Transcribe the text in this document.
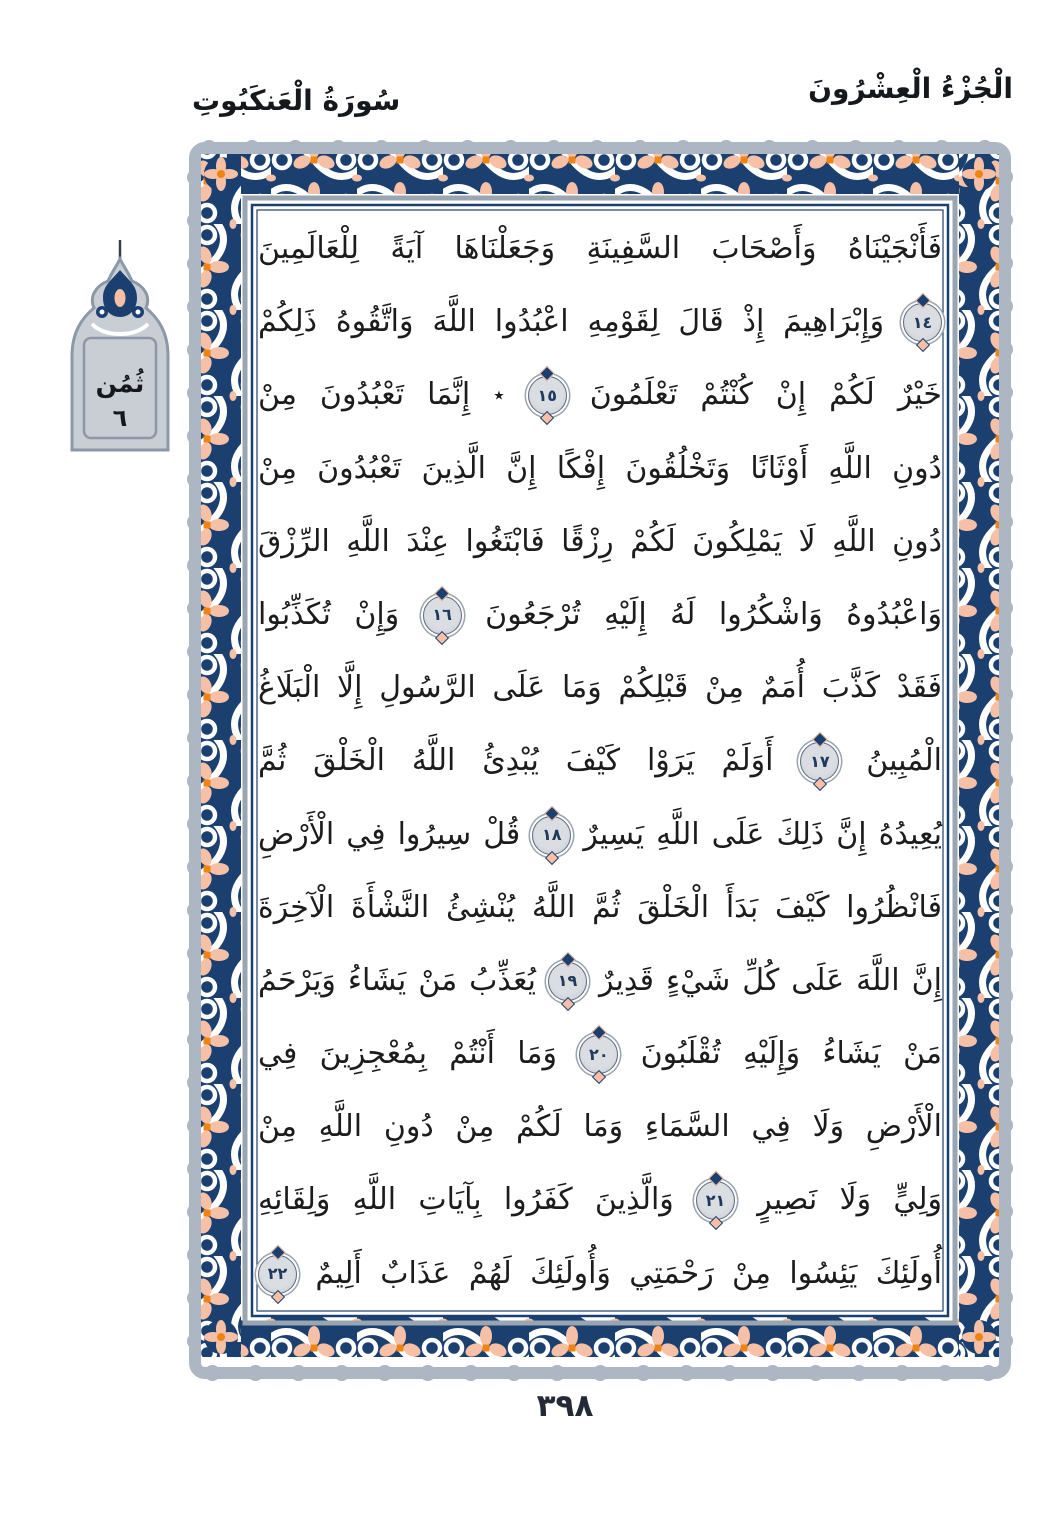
الْجُزْءُ الْعِشْرُونَ
سُورَةُ الْعَنكَبُوتِ
ثُمُن
٦
فَأَنْجَيْنَاهُ وَأَصْحَابَ السَّفِينَةِ وَجَعَلْنَاهَا آيَةً لِلْعَالَمِينَ
١٤ وَإِبْرَاهِيمَ إِذْ قَالَ لِقَوْمِهِ اعْبُدُوا اللَّهَ وَاتَّقُوهُ ذَلِكُمْ
خَيْرٌ لَكُمْ إِنْ كُنْتُمْ تَعْلَمُونَ ١٥ ٭ إِنَّمَا تَعْبُدُونَ مِنْ
دُونِ اللَّهِ أَوْثَانًا وَتَخْلُقُونَ إِفْكًا إِنَّ الَّذِينَ تَعْبُدُونَ مِنْ
دُونِ اللَّهِ لَا يَمْلِكُونَ لَكُمْ رِزْقًا فَابْتَغُوا عِنْدَ اللَّهِ الرِّزْقَ
وَاعْبُدُوهُ وَاشْكُرُوا لَهُ إِلَيْهِ تُرْجَعُونَ ١٦ وَإِنْ تُكَذِّبُوا
فَقَدْ كَذَّبَ أُمَمٌ مِنْ قَبْلِكُمْ وَمَا عَلَى الرَّسُولِ إِلَّا الْبَلَاغُ
الْمُبِينُ ١٧ أَوَلَمْ يَرَوْا كَيْفَ يُبْدِئُ اللَّهُ الْخَلْقَ ثُمَّ
يُعِيدُهُ إِنَّ ذَلِكَ عَلَى اللَّهِ يَسِيرٌ ١٨ قُلْ سِيرُوا فِي الْأَرْضِ
فَانْظُرُوا كَيْفَ بَدَأَ الْخَلْقَ ثُمَّ اللَّهُ يُنْشِئُ النَّشْأَةَ الْآخِرَةَ
إِنَّ اللَّهَ عَلَى كُلِّ شَيْءٍ قَدِيرٌ ١٩ يُعَذِّبُ مَنْ يَشَاءُ وَيَرْحَمُ
مَنْ يَشَاءُ وَإِلَيْهِ تُقْلَبُونَ ٢٠ وَمَا أَنْتُمْ بِمُعْجِزِينَ فِي
الْأَرْضِ وَلَا فِي السَّمَاءِ وَمَا لَكُمْ مِنْ دُونِ اللَّهِ مِنْ
وَلِيٍّ وَلَا نَصِيرٍ ٢١ وَالَّذِينَ كَفَرُوا بِآيَاتِ اللَّهِ وَلِقَائِهِ
أُولَئِكَ يَئِسُوا مِنْ رَحْمَتِي وَأُولَئِكَ لَهُمْ عَذَابٌ أَلِيمٌ ٢٢
٣٩٨
